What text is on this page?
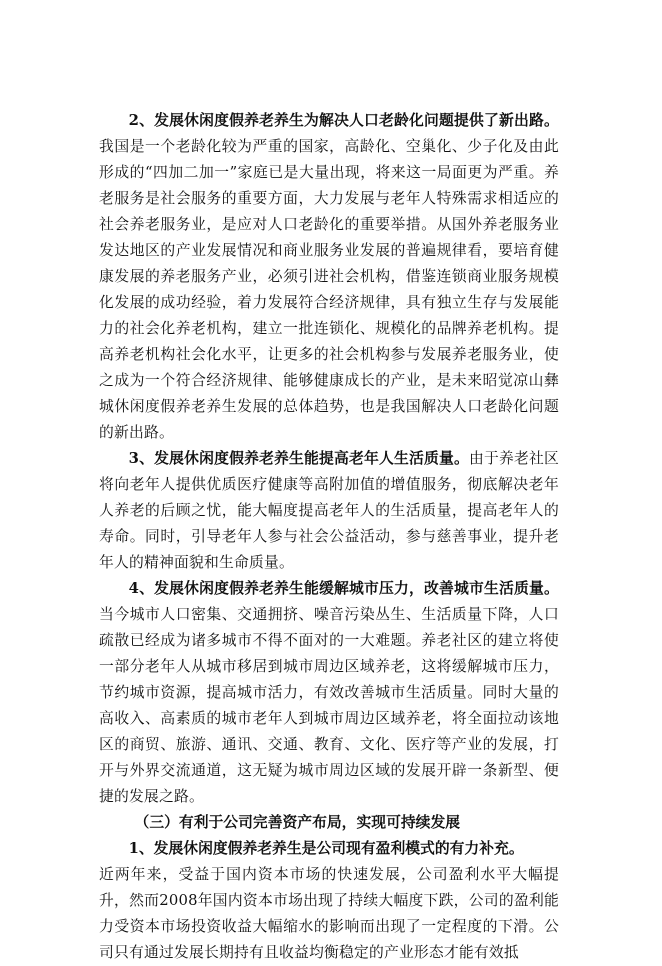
2、发展休闲度假养老养生为解决人口老龄化问题提供了新出路。我国是一个老龄化较为严重的国家，高龄化、空巢化、少子化及由此形成的“四加二加一”家庭已是大量出现，将来这一局面更为严重。养老服务是社会服务的重要方面，大力发展与老年人特殊需求相适应的社会养老服务业，是应对人口老龄化的重要举措。从国外养老服务业发达地区的产业发展情况和商业服务业发展的普遍规律看，要培育健康发展的养老服务产业，必须引进社会机构，借鉴连锁商业服务规模化发展的成功经验，着力发展符合经济规律，具有独立生存与发展能力的社会化养老机构，建立一批连锁化、规模化的品牌养老机构。提高养老机构社会化水平，让更多的社会机构参与发展养老服务业，使之成为一个符合经济规律、能够健康成长的产业，是未来昭觉凉山彝城休闲度假养老养生发展的总体趋势，也是我国解决人口老龄化问题的新出路。

3、发展休闲度假养老养生能提高老年人生活质量。由于养老社区将向老年人提供优质医疗健康等高附加值的增值服务，彻底解决老年人养老的后顾之忧，能大幅度提高老年人的生活质量，提高老年人的寿命。同时，引导老年人参与社会公益活动，参与慈善事业，提升老年人的精神面貌和生命质量。

4、发展休闲度假养老养生能缓解城市压力，改善城市生活质量。当今城市人口密集、交通拥挤、噪音污染丛生、生活质量下降，人口疏散已经成为诸多城市不得不面对的一大难题。养老社区的建立将使一部分老年人从城市移居到城市周边区域养老，这将缓解城市压力，节约城市资源，提高城市活力，有效改善城市生活质量。同时大量的高收入、高素质的城市老年人到城市周边区域养老，将全面拉动该地区的商贸、旅游、通讯、交通、教育、文化、医疗等产业的发展，打开与外界交流通道，这无疑为城市周边区域的发展开辟一条新型、便捷的发展之路。

（三）有利于公司完善资产布局，实现可持续发展

1、发展休闲度假养老养生是公司现有盈利模式的有力补充。

近两年来，受益于国内资本市场的快速发展，公司盈利水平大幅提升，然而2008年国内资本市场出现了持续大幅度下跌，公司的盈利能力受资本市场投资收益大幅缩水的影响而出现了一定程度的下滑。公司只有通过发展长期持有且收益均衡稳定的产业形态才能有效抵
